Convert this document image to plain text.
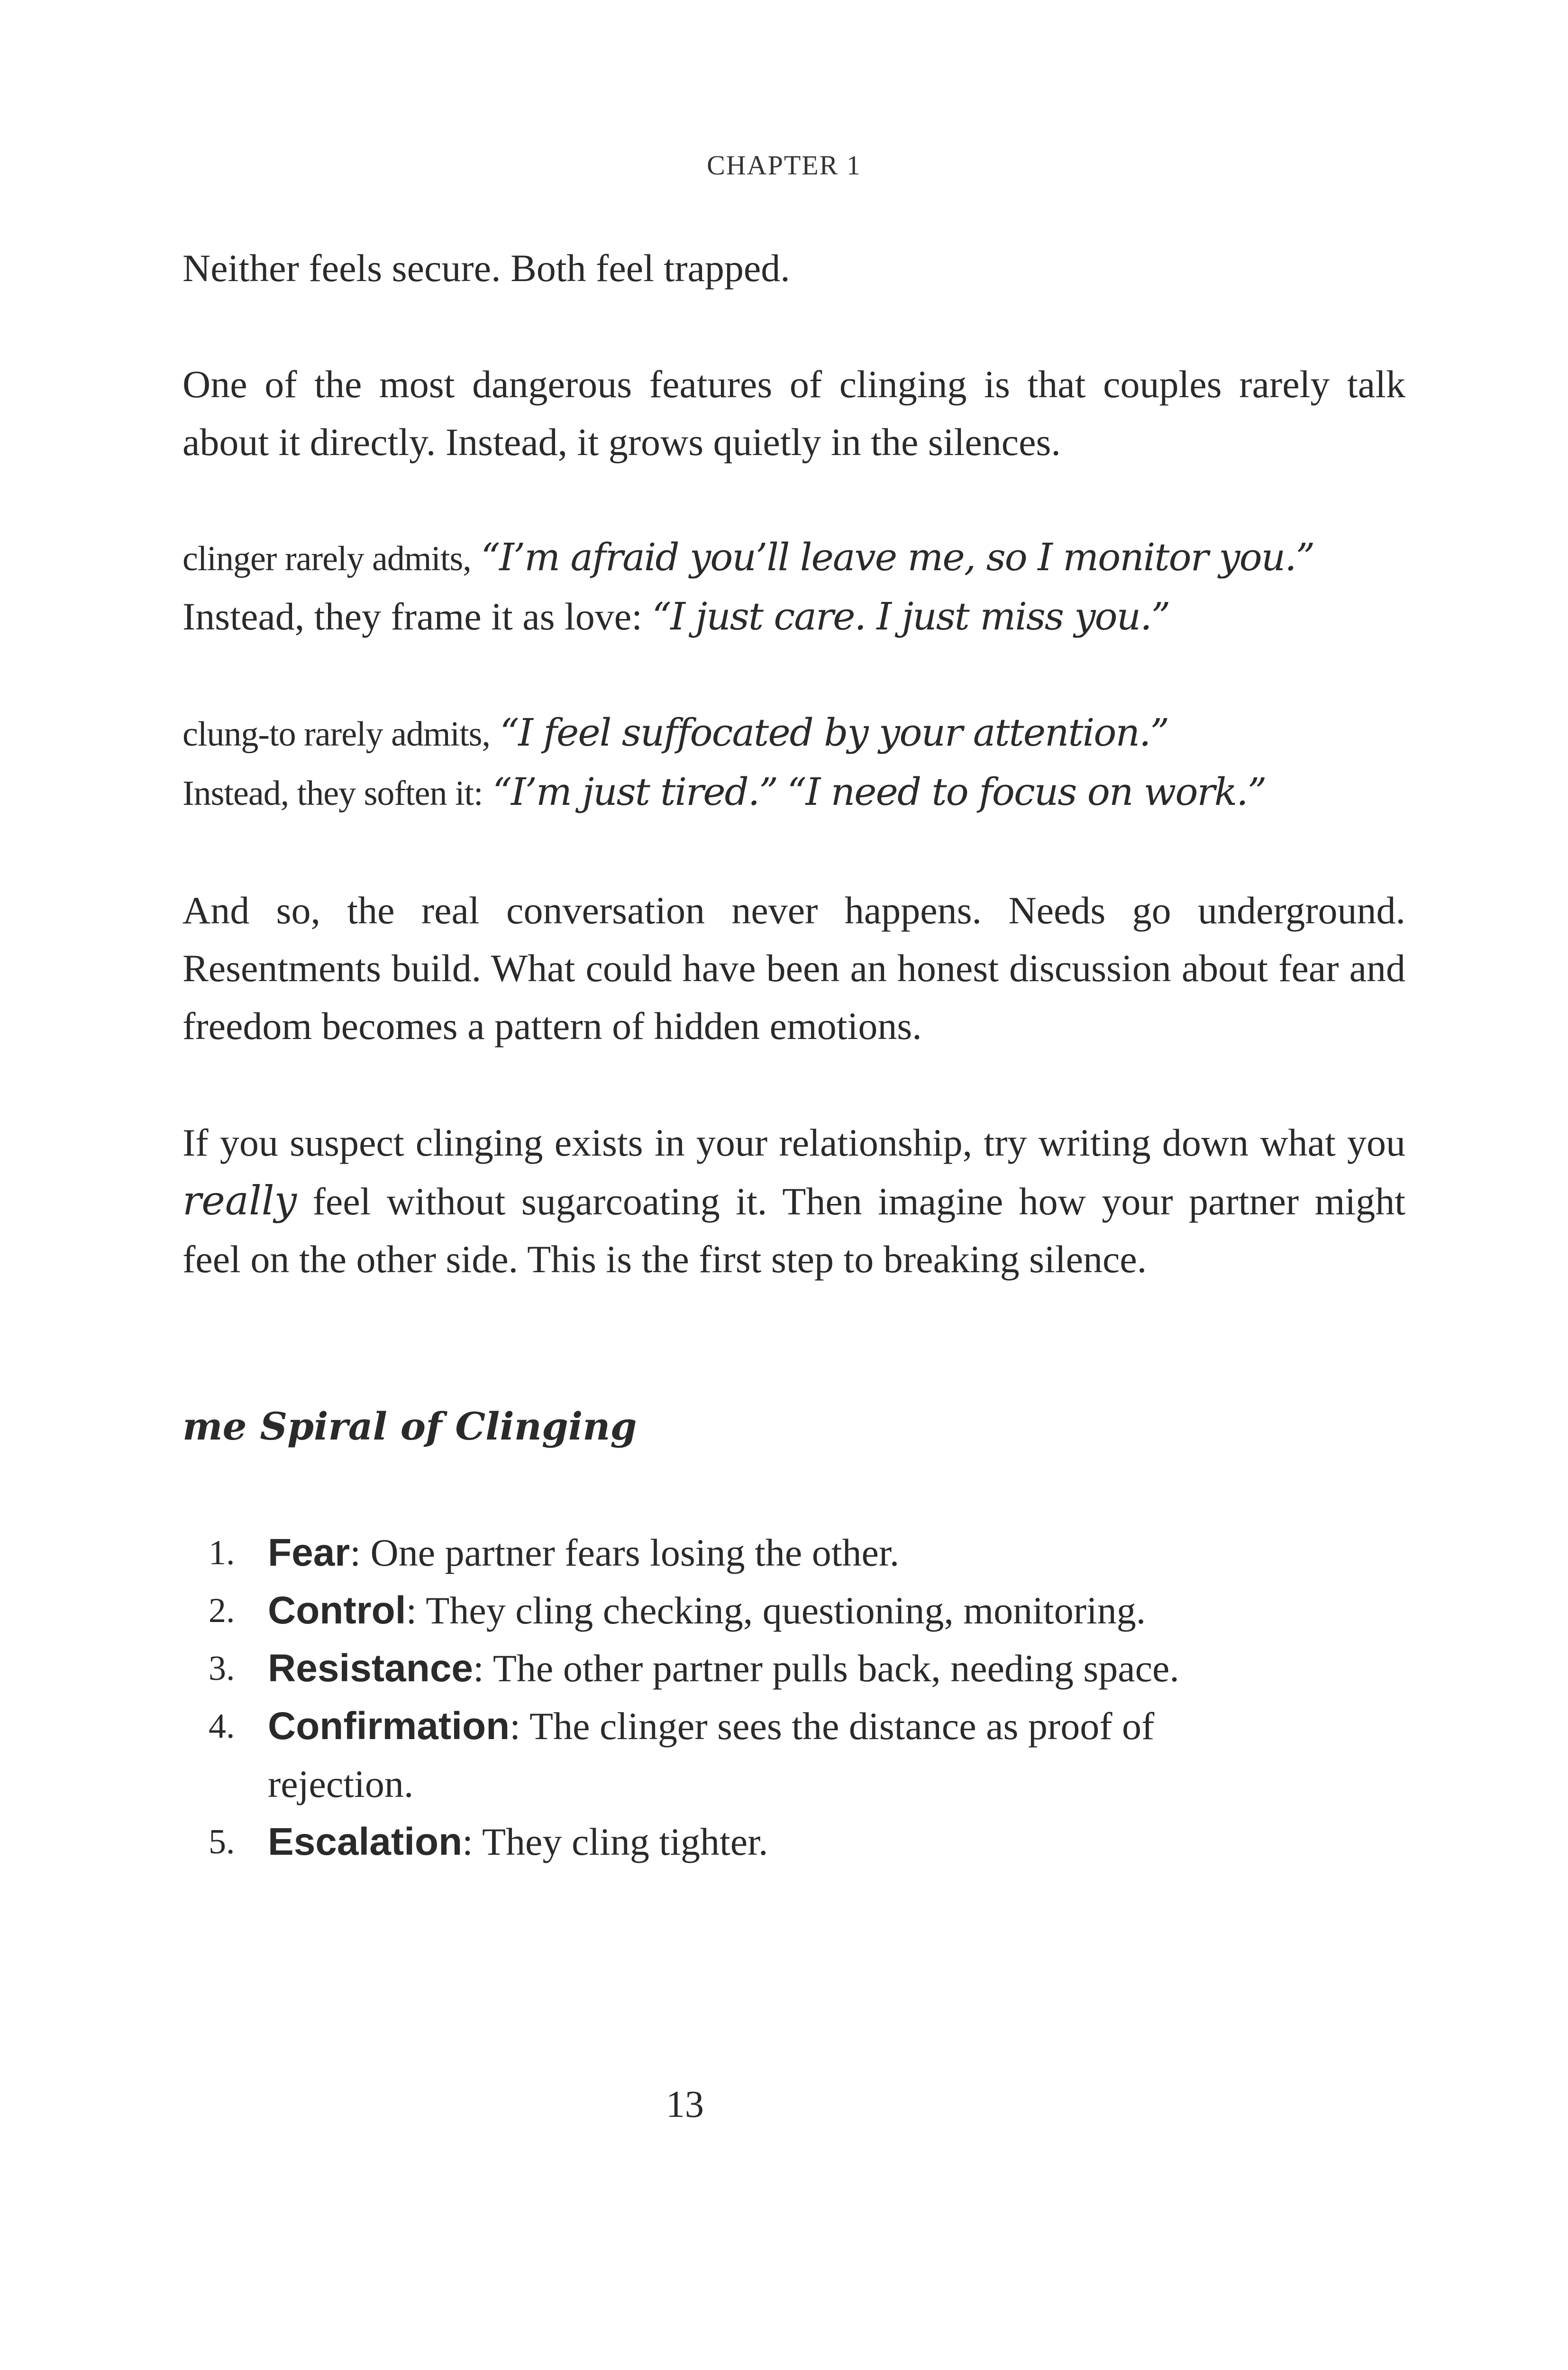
CHAPTER 1

Neither feels secure. Both feel trapped.

One of the most dangerous features of clinging is that couples rarely talk about it directly. Instead, it grows quietly in the silences.

clinger rarely admits, “I’m afraid you’ll leave me, so I monitor you.”
Instead, they frame it as love: “I just care. I just miss you.”

clung-to rarely admits, “I feel suffocated by your attention.”
Instead, they soften it: “I’m just tired.” “I need to focus on work.”

And so, the real conversation never happens. Needs go underground. Resentments build. What could have been an honest discussion about fear and freedom becomes a pattern of hidden emotions.

If you suspect clinging exists in your relationship, try writing down what you really feel without sugarcoating it. Then imagine how your partner might feel on the other side. This is the first step to breaking silence.

me Spiral of Clinging
1. Fear: One partner fears losing the other.
2. Control: They cling checking, questioning, monitoring.
3. Resistance: The other partner pulls back, needing space.
4. Confirmation: The clinger sees the distance as proof of rejection.
5. Escalation: They cling tighter.
13
